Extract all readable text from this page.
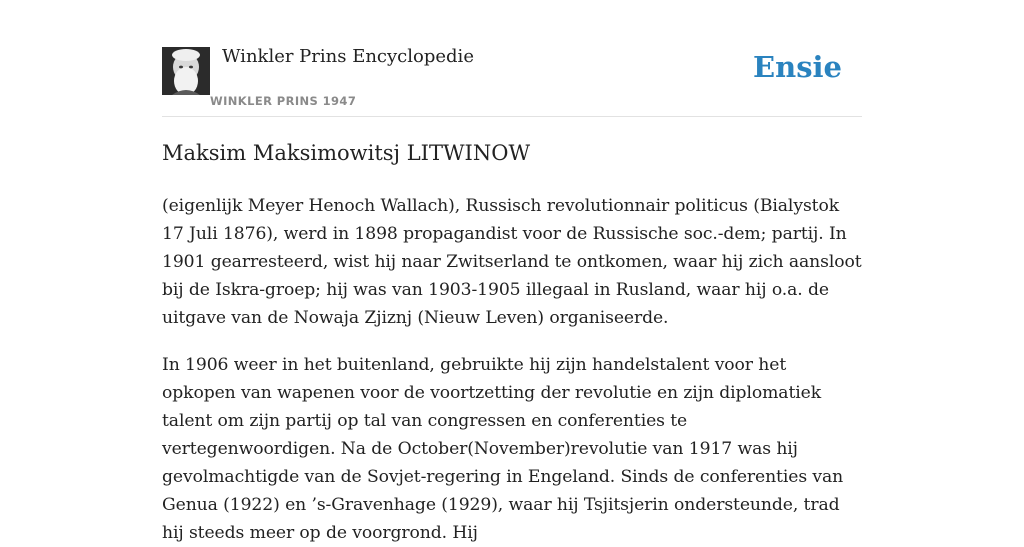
Winkler Prins Encyclopedie
WINKLER PRINS 1947
Ensie
Maksim Maksimowitsj LITWINOW

(eigenlijk Meyer Henoch Wallach), Russisch revolutionnair politicus (Bialystok 17 Juli 1876), werd in 1898 propagandist voor de Russische soc.-dem; partij. In 1901 gearresteerd, wist hij naar Zwitserland te ontkomen, waar hij zich aansloot bij de Iskra-groep; hij was van 1903-1905 illegaal in Rusland, waar hij o.a. de uitgave van de Nowaja Zjiznj (Nieuw Leven) organiseerde.

In 1906 weer in het buitenland, gebruikte hij zijn handelstalent voor het opkopen van wapenen voor de voortzetting der revolutie en zijn diplomatiek talent om zijn partij op tal van congressen en conferenties te vertegenwoordigen. Na de October(November)revolutie van 1917 was hij gevolmachtigde van de Sovjet-regering in Engeland. Sinds de conferenties van Genua (1922) en ’s-Gravenhage (1929), waar hij Tsjitsjerin ondersteunde, trad hij steeds meer op de voorgrond. Hij
